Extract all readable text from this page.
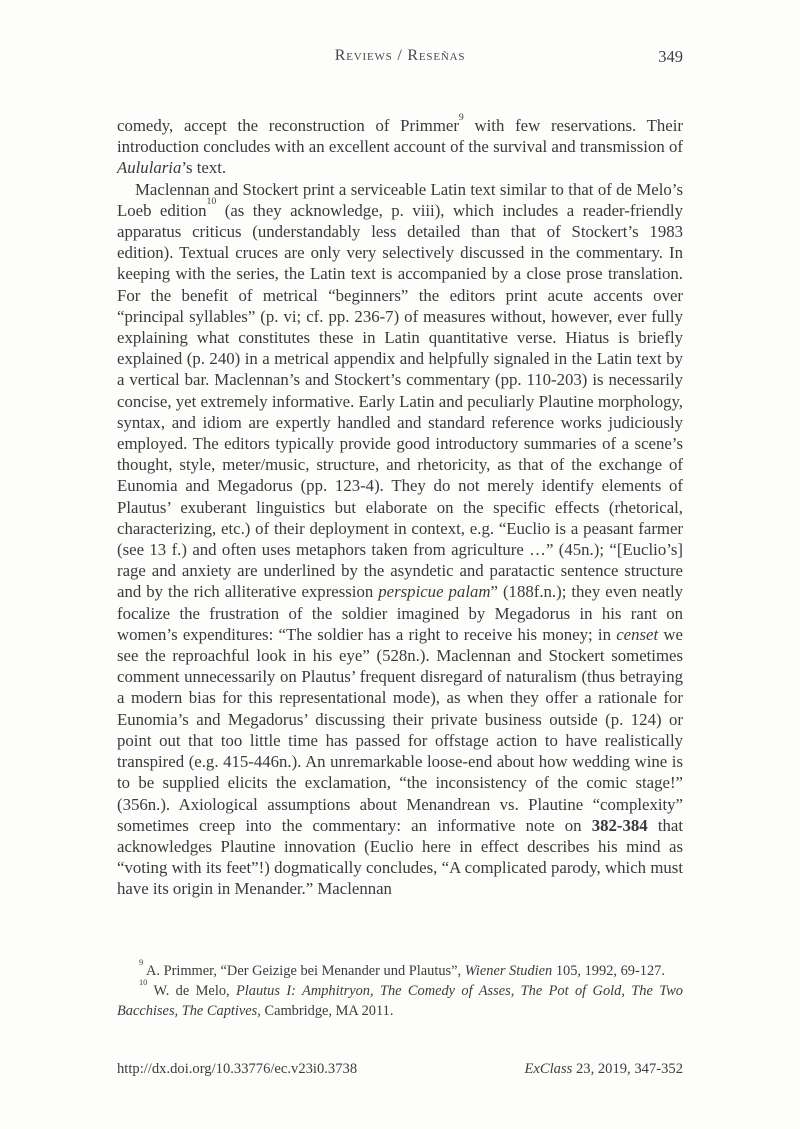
Reviews / Reseñas	349

comedy, accept the reconstruction of Primmer$^9$ with few reservations. Their introduction concludes with an excellent account of the survival and transmission of Aulularia’s text.

Maclennan and Stockert print a serviceable Latin text similar to that of de Melo’s Loeb edition$^{10}$ (as they acknowledge, p. viii), which includes a reader-friendly apparatus criticus (understandably less detailed than that of Stockert’s 1983 edition). Textual cruces are only very selectively discussed in the commentary. In keeping with the series, the Latin text is accompanied by a close prose translation. For the benefit of metrical “beginners” the editors print acute accents over “principal syllables” (p. vi; cf. pp. 236-7) of measures without, however, ever fully explaining what constitutes these in Latin quantitative verse. Hiatus is briefly explained (p. 240) in a metrical appendix and helpfully signaled in the Latin text by a vertical bar. Maclennan’s and Stockert’s commentary (pp. 110-203) is necessarily concise, yet extremely informative. Early Latin and peculiarly Plautine morphology, syntax, and idiom are expertly handled and standard reference works judiciously employed. The editors typically provide good introductory summaries of a scene’s thought, style, meter/music, structure, and rhetoricity, as that of the exchange of Eunomia and Megadorus (pp. 123-4). They do not merely identify elements of Plautus’ exuberant linguistics but elaborate on the specific effects (rhetorical, characterizing, etc.) of their deployment in context, e.g. “Euclio is a peasant farmer (see 13 f.) and often uses metaphors taken from agriculture …” (45n.); “[Euclio’s] rage and anxiety are underlined by the asyndetic and paratactic sentence structure and by the rich alliterative expression perspicue palam” (188f.n.); they even neatly focalize the frustration of the soldier imagined by Megadorus in his rant on women’s expenditures: “The soldier has a right to receive his money; in censet we see the reproachful look in his eye” (528n.). Maclennan and Stockert sometimes comment unnecessarily on Plautus’ frequent disregard of naturalism (thus betraying a modern bias for this representational mode), as when they offer a rationale for Eunomia’s and Megadorus’ discussing their private business outside (p. 124) or point out that too little time has passed for offstage action to have realistically transpired (e.g. 415-446n.). An unremarkable loose-end about how wedding wine is to be supplied elicits the exclamation, “the inconsistency of the comic stage!” (356n.). Axiological assumptions about Menandrean vs. Plautine “complexity” sometimes creep into the commentary: an informative note on 382-384 that acknowledges Plautine innovation (Euclio here in effect describes his mind as “voting with its feet”!) dogmatically concludes, “A complicated parody, which must have its origin in Menander.” Maclennan

$^9$ A. Primmer, “Der Geizige bei Menander und Plautus”, Wiener Studien 105, 1992, 69-127.

$^{10}$ W. de Melo, Plautus I: Amphitryon, The Comedy of Asses, The Pot of Gold, The Two Bacchises, The Captives, Cambridge, MA 2011.

http://dx.doi.org/10.33776/ec.v23i0.3738	ExClass 23, 2019, 347-352
